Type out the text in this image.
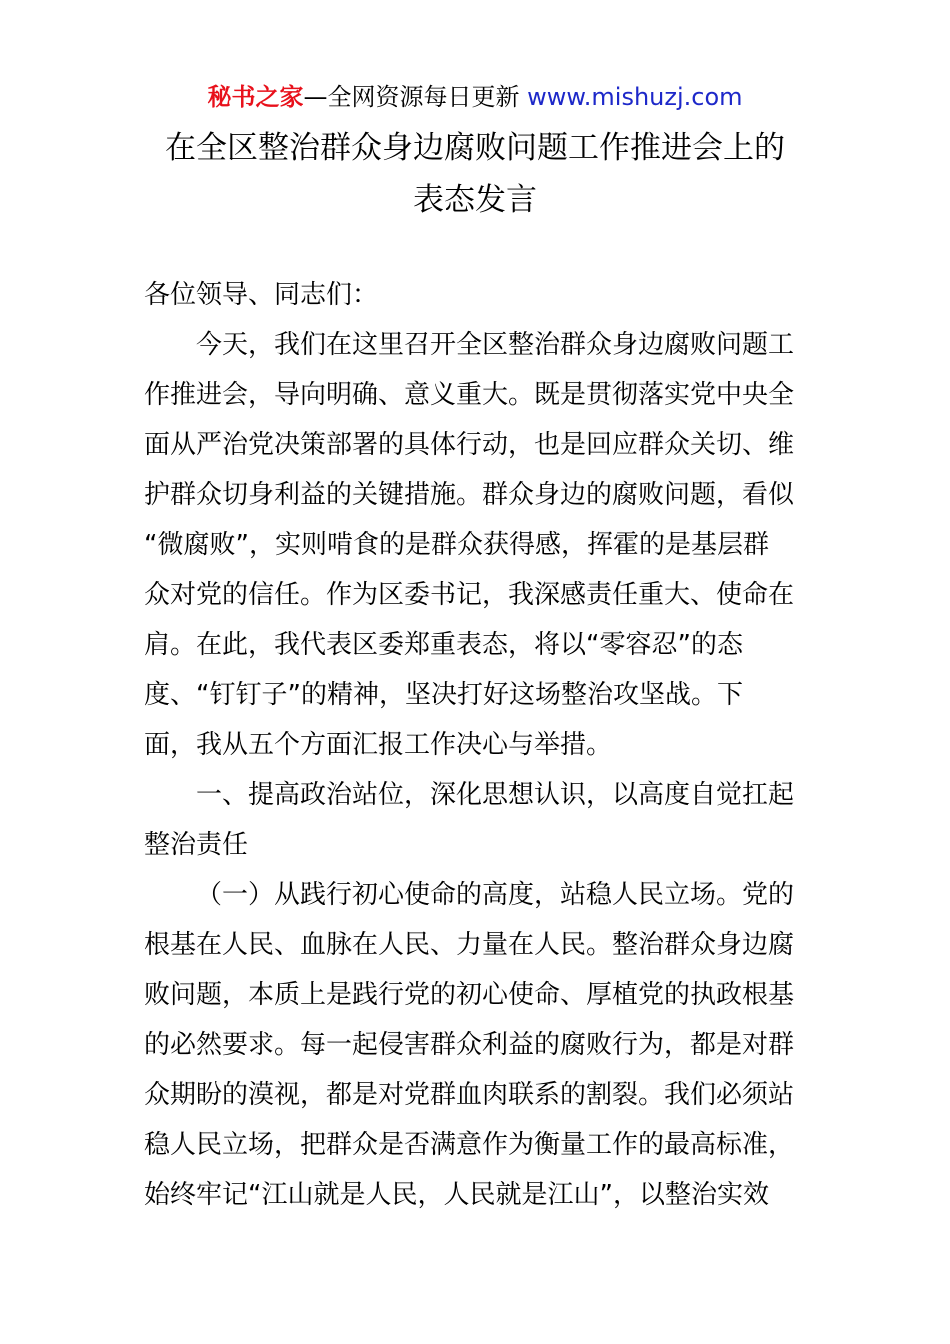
秘书之家—全网资源每日更新 www.mishuzj.com
在全区整治群众身边腐败问题工作推进会上的
表态发言
各位领导、同志们：
今天，我们在这里召开全区整治群众身边腐败问题工
作推进会，导向明确、意义重大。既是贯彻落实党中央全
面从严治党决策部署的具体行动，也是回应群众关切、维
护群众切身利益的关键措施。群众身边的腐败问题，看似
“微腐败”，实则啃食的是群众获得感，挥霍的是基层群
众对党的信任。作为区委书记，我深感责任重大、使命在
肩。在此，我代表区委郑重表态，将以“零容忍”的态
度、“钉钉子”的精神，坚决打好这场整治攻坚战。下
面，我从五个方面汇报工作决心与举措。
一、提高政治站位，深化思想认识，以高度自觉扛起
整治责任
（一）从践行初心使命的高度，站稳人民立场。党的
根基在人民、血脉在人民、力量在人民。整治群众身边腐
败问题，本质上是践行党的初心使命、厚植党的执政根基
的必然要求。每一起侵害群众利益的腐败行为，都是对群
众期盼的漠视，都是对党群血肉联系的割裂。我们必须站
稳人民立场，把群众是否满意作为衡量工作的最高标准，
始终牢记“江山就是人民，人民就是江山”，以整治实效
